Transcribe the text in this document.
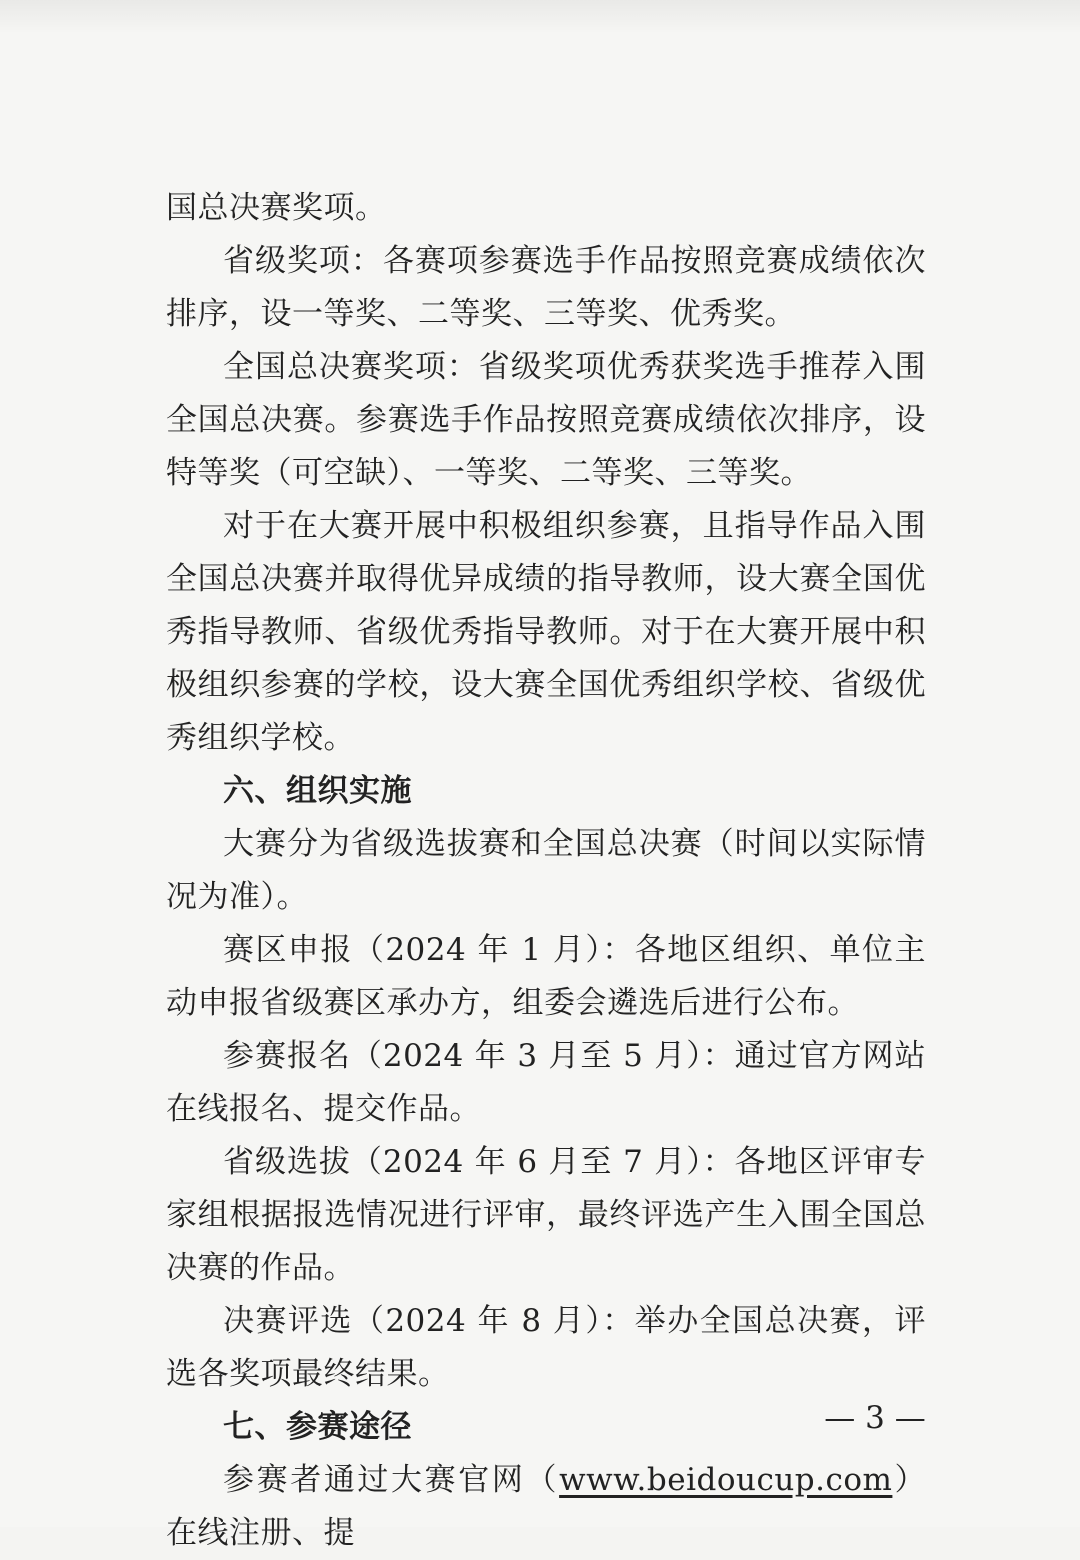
国总决赛奖项。

省级奖项：各赛项参赛选手作品按照竞赛成绩依次排序，设一等奖、二等奖、三等奖、优秀奖。

全国总决赛奖项：省级奖项优秀获奖选手推荐入围全国总决赛。参赛选手作品按照竞赛成绩依次排序，设特等奖（可空缺）、一等奖、二等奖、三等奖。

对于在大赛开展中积极组织参赛，且指导作品入围全国总决赛并取得优异成绩的指导教师，设大赛全国优秀指导教师、省级优秀指导教师。对于在大赛开展中积极组织参赛的学校，设大赛全国优秀组织学校、省级优秀组织学校。

六、组织实施

大赛分为省级选拔赛和全国总决赛（时间以实际情况为准）。

赛区申报（2024 年 1 月）：各地区组织、单位主动申报省级赛区承办方，组委会遴选后进行公布。

参赛报名（2024 年 3 月至 5 月）：通过官方网站在线报名、提交作品。

省级选拔（2024 年 6 月至 7 月）：各地区评审专家组根据报选情况进行评审，最终评选产生入围全国总决赛的作品。

决赛评选（2024 年 8 月）：举办全国总决赛，评选各奖项最终结果。

七、参赛途径

参赛者通过大赛官网（www.beidoucup.com）在线注册、提

— 3 —
